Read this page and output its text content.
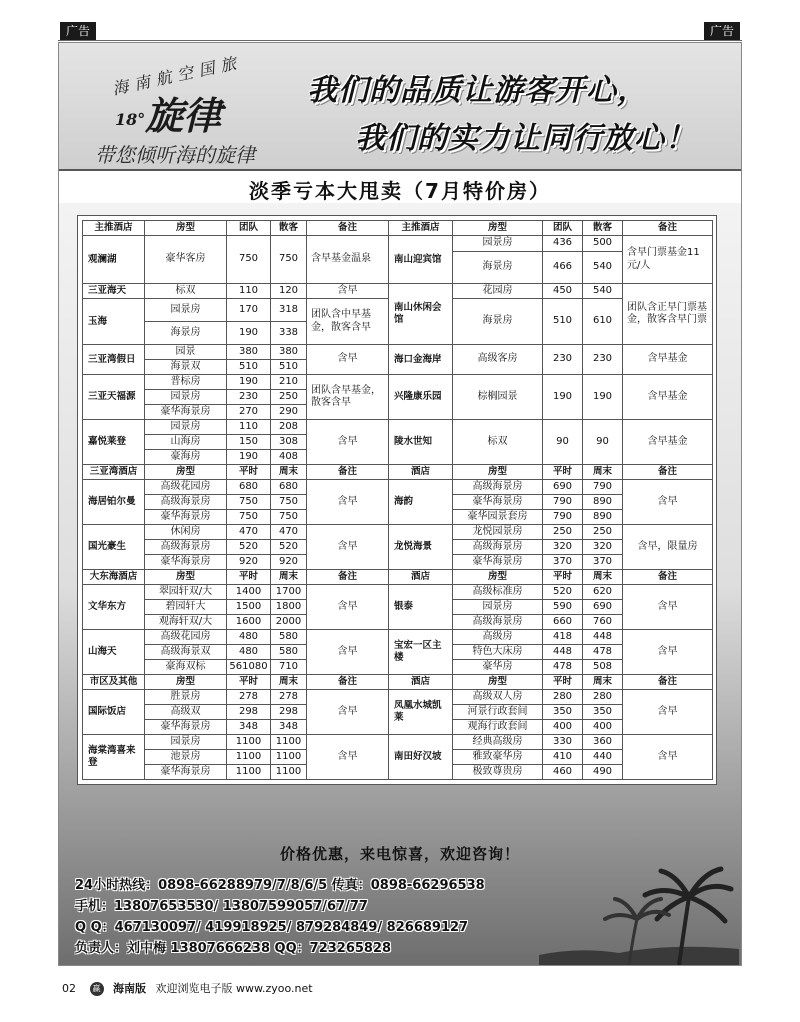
广告	广告
海南航空国旅
18°旋律
带您倾听海的旋律
我们的品质让游客开心，
我们的实力让同行放心！
淡季亏本大甩卖（7月特价房）
主推酒店	房型	团队	散客	备注	主推酒店	房型	团队	散客	备注
观澜湖	豪华客房	750	750	含早基金温泉	南山迎宾馆	园景房	436	500	含早门票基金11元/人
						海景房	466	540	
三亚海天	标双	110	120	含早	南山休闲会馆	花园房	450	540	团队含正早门票基金，散客含早门票
玉海	园景房	170	318	团队含中早基金，散客含早		海景房	510	610	
	海景房	190	338						
三亚湾假日	园景	380	380	含早	海口金海岸	高级客房	230	230	含早基金
	海景双	510	510						
三亚天福源	普标房	190	210	团队含早基金，散客含早	兴隆康乐园	棕榈园景	190	190	含早基金
	园景房	230	250						
	豪华海景房	270	290						
嘉悦莱登	园景房	110	208	含早	陵水世知	标双	90	90	含早基金
	山海房	150	308						
	豪海房	190	408						
三亚湾酒店	房型	平时	周末	备注	酒店	房型	平时	周末	备注
海居铂尔曼	高级花园房	680	680	含早	海韵	高级海景房	690	790	含早
	高级海景房	750	750			豪华海景房	790	890	
	豪华海景房	750	750			豪华园景套房	790	890	
国光豪生	休闲房	470	470	含早	龙悦海景	龙悦园景房	250	250	含早，限量房
	高级海景房	520	520			高级海景房	320	320	
	豪华海景房	920	920			豪华海景房	370	370	
大东海酒店	房型	平时	周末	备注	酒店	房型	平时	周末	备注
文华东方	翠园轩双/大	1400	1700	含早	银泰	高级标准房	520	620	含早
	碧园轩大	1500	1800			园景房	590	690	
	观海轩双/大	1600	2000			高级海景房	660	760	
山海天	高级花园房	480	580	含早	宝宏一区主楼	高级房	418	448	含早
	高级海景双	480	580			特色大床房	448	478	
	豪海双标	561080	710			豪华房	478	508	
市区及其他	房型	平时	周末	备注	酒店	房型	平时	周末	备注
国际饭店	胜景房	278	278	含早	凤凰水城凯莱	高级双人房	280	280	含早
	高级双	298	298			河景行政套间	350	350	
	豪华海景房	348	348			观海行政套间	400	400	
海棠湾喜来登	园景房	1100	1100	含早	南田好汉坡	经典高级房	330	360	含早
	池景房	1100	1100			雅致豪华房	410	440	
	豪华海景房	1100	1100			极致尊贵房	460	490	
价格优惠，来电惊喜，欢迎咨询！
24小时热线：0898-66288979/7/8/6/5 传真：0898-66296538
手机：13807653530/ 13807599057/67/77
Q Q：467130097/ 419918925/ 879284849/ 826689127
负责人：刘中梅 13807666238 QQ：723265828
02 赢 海南版 欢迎浏览电子版 www.zyoo.net
